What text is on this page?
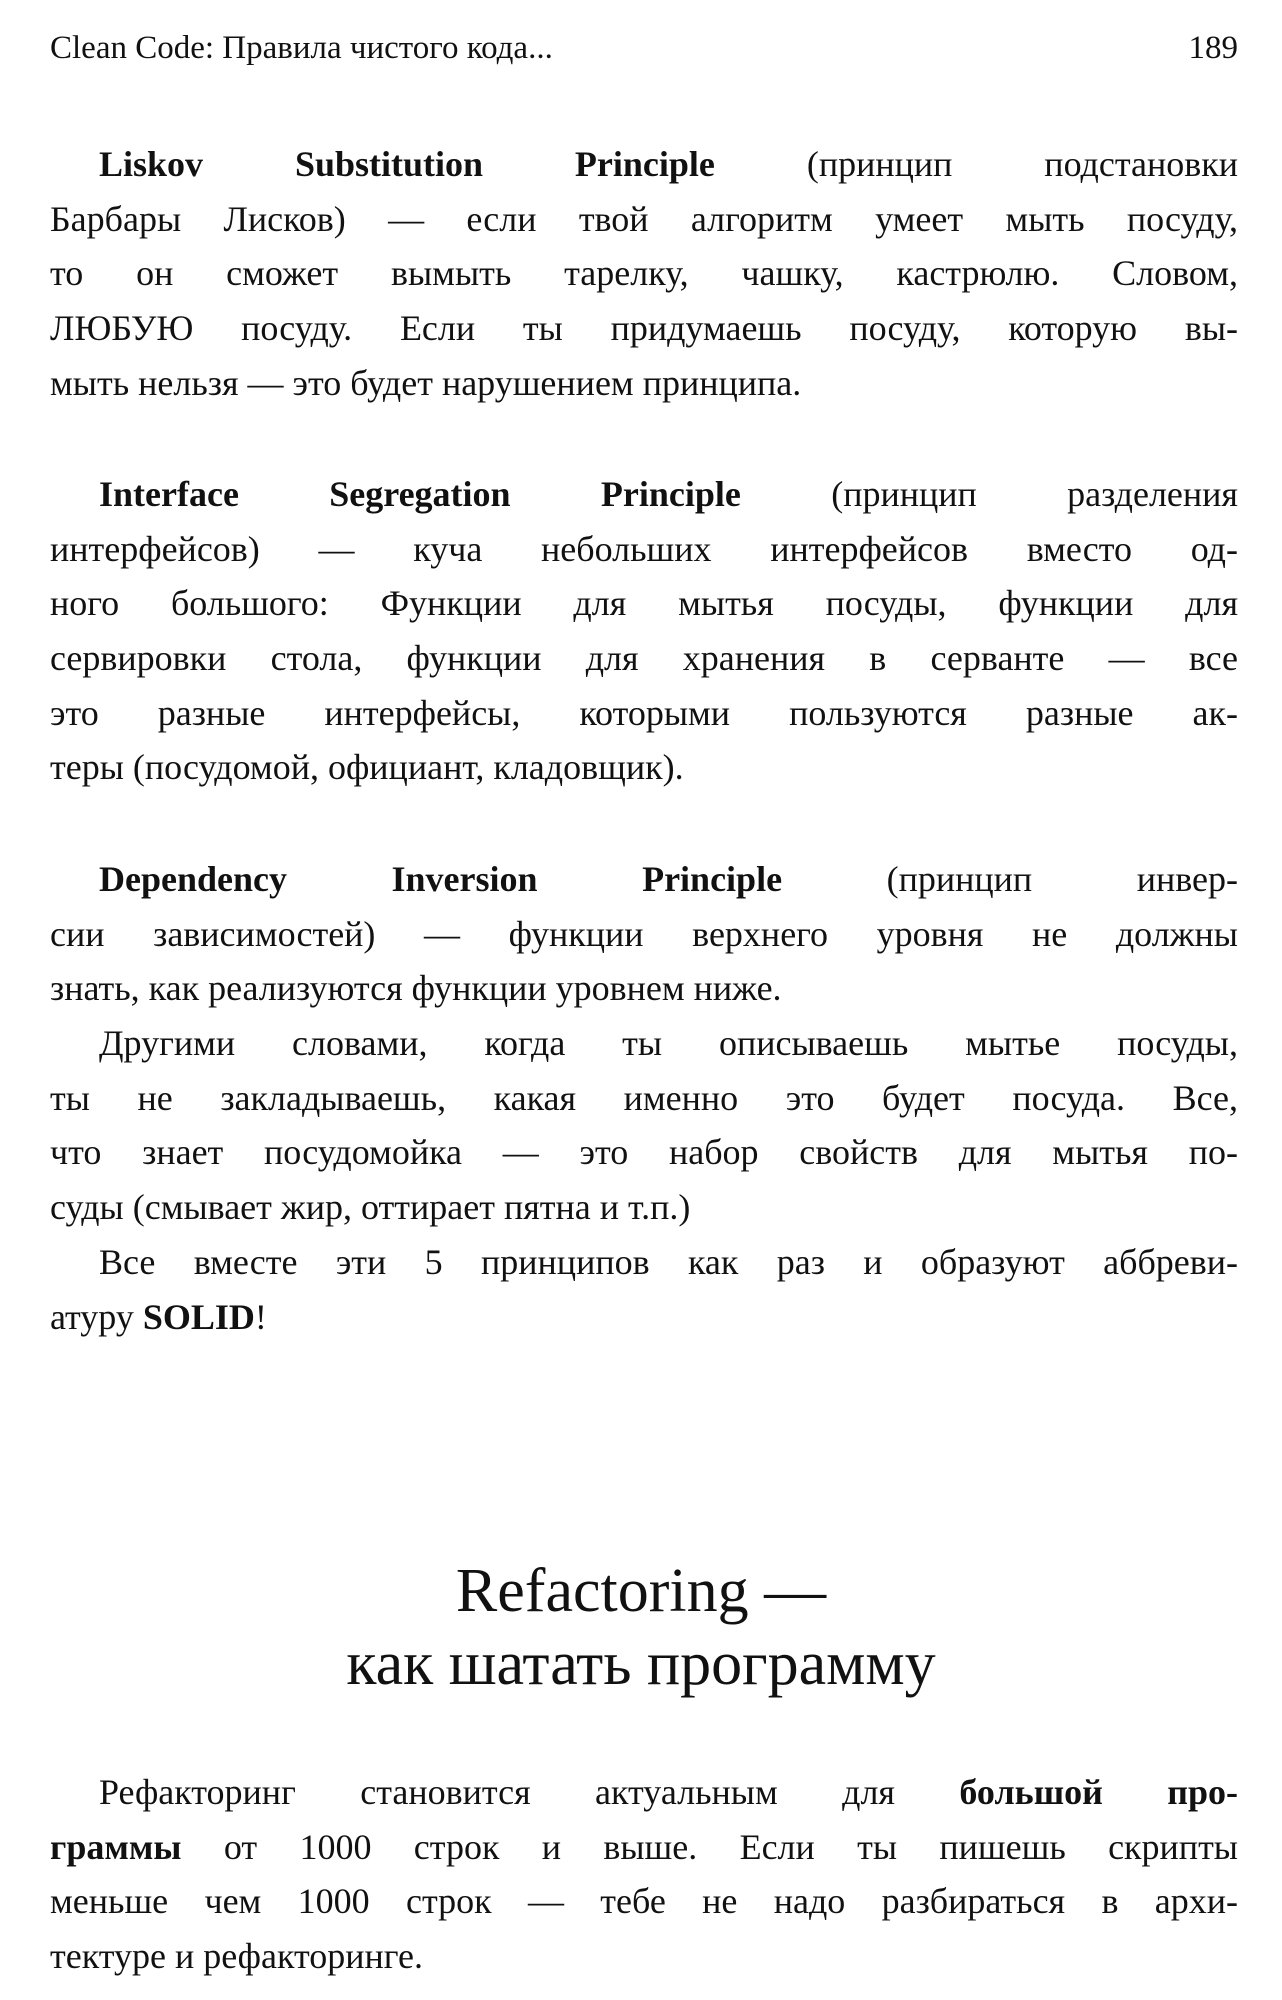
Clean Code: Правила чистого кода...	189
Liskov Substitution Principle (принцип подстановки
Барбары Лисков) — если твой алгоритм умеет мыть посуду,
то он сможет вымыть тарелку, чашку, кастрюлю. Словом,
ЛЮБУЮ посуду. Если ты придумаешь посуду, которую вы-
мыть нельзя — это будет нарушением принципа.
Interface Segregation Principle (принцип разделения
интерфейсов) — куча небольших интерфейсов вместо од-
ного большого: Функции для мытья посуды, функции для
сервировки стола, функции для хранения в серванте — все
это разные интерфейсы, которыми пользуются разные ак-
теры (посудомой, официант, кладовщик).
Dependency Inversion Principle (принцип инвер-
сии зависимостей) — функции верхнего уровня не должны
знать, как реализуются функции уровнем ниже.
Другими словами, когда ты описываешь мытье посуды,
ты не закладываешь, какая именно это будет посуда. Все,
что знает посудомойка — это набор свойств для мытья по-
суды (смывает жир, оттирает пятна и т.п.)
Все вместе эти 5 принципов как раз и образуют аббреви-
атуру SOLID!
Refactoring —
как шатать программу
Рефакторинг становится актуальным для большой про-
граммы от 1000 строк и выше. Если ты пишешь скрипты
меньше чем 1000 строк — тебе не надо разбираться в архи-
тектуре и рефакторинге.
